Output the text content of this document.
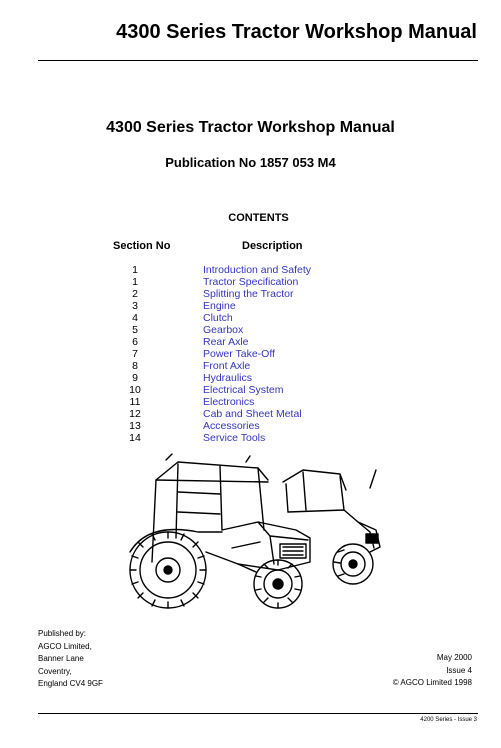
4300 Series Tractor Workshop Manual
4300 Series Tractor Workshop Manual
Publication No 1857 053 M4
CONTENTS
Section No	Description
1	Introduction and Safety
1	Tractor Specification
2	Splitting the Tractor
3	Engine
4	Clutch
5	Gearbox
6	Rear Axle
7	Power Take-Off
8	Front Axle
9	Hydraulics
10	Electrical System
11	Electronics
12	Cab and Sheet Metal
13	Accessories
14	Service Tools
Published by:
AGCO Limited,
Banner Lane
Coventry,
England CV4 9GF
May 2000
Issue 4
© AGCO Limited 1998
4200 Series - Issue 3
